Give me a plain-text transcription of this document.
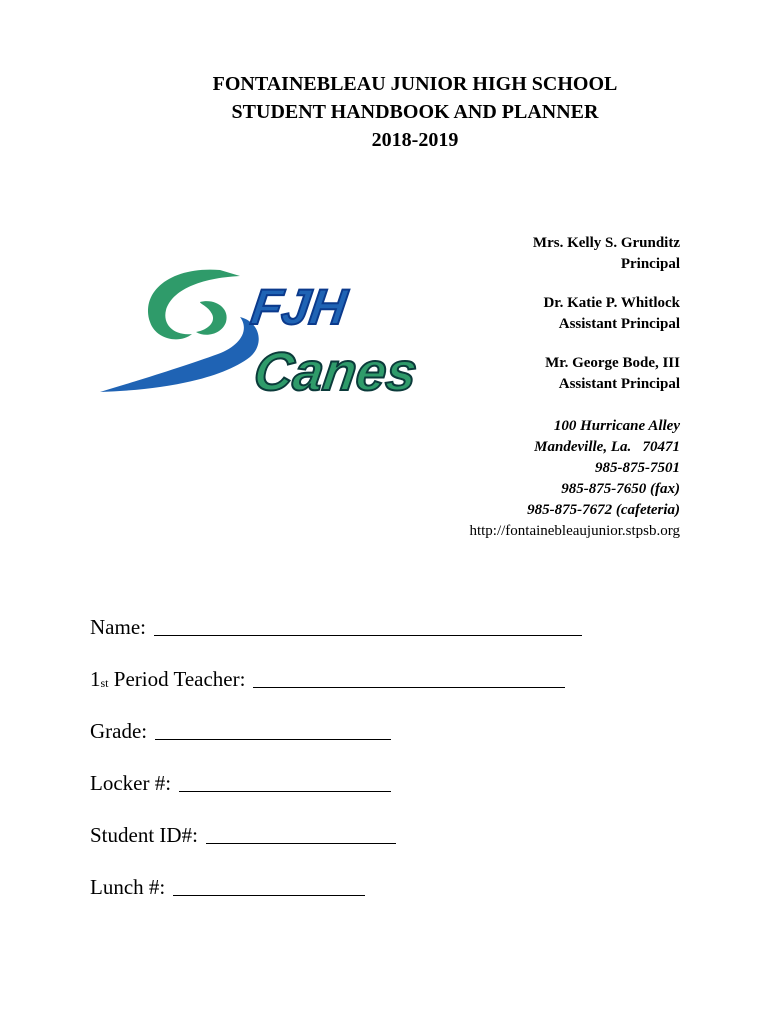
FONTAINEBLEAU JUNIOR HIGH SCHOOL
STUDENT HANDBOOK AND PLANNER
2018-2019
FJH
Canes
Mrs. Kelly S. Grunditz
Principal
Dr. Katie P. Whitlock
Assistant Principal
Mr. George Bode, III
Assistant Principal
100 Hurricane Alley
Mandeville, La.   70471
985-875-7501
985-875-7650 (fax)
985-875-7672 (cafeteria)
http://fontainebleaujunior.stpsb.org
Name:
$1_{st}$ Period Teacher:
Grade:
Locker #:
Student ID#:
Lunch #:
